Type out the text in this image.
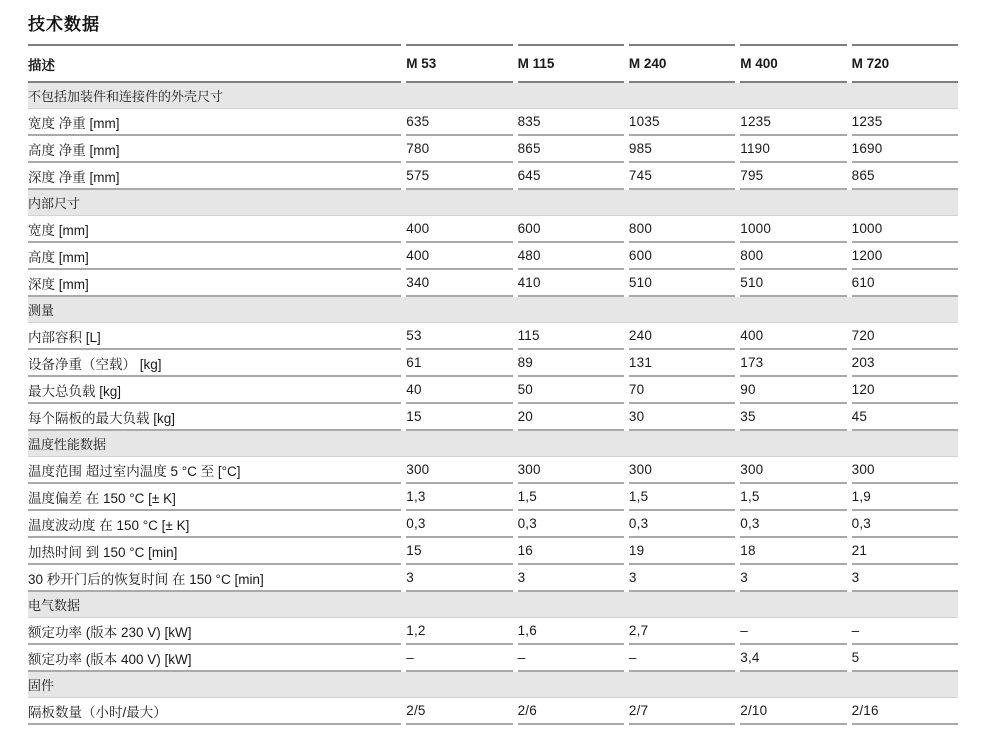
技术数据
描述	M 53	M 115	M 240	M 400	M 720
不包括加装件和连接件的外壳尺寸					
宽度 净重 [mm]	635	835	1035	1235	1235
高度 净重 [mm]	780	865	985	1190	1690
深度 净重 [mm]	575	645	745	795	865
内部尺寸					
宽度 [mm]	400	600	800	1000	1000
高度 [mm]	400	480	600	800	1200
深度 [mm]	340	410	510	510	610
测量					
内部容积 [L]	53	115	240	400	720
设备净重（空载） [kg]	61	89	131	173	203
最大总负载 [kg]	40	50	70	90	120
每个隔板的最大负载 [kg]	15	20	30	35	45
温度性能数据					
温度范围 超过室内温度 5 °C 至 [°C]	300	300	300	300	300
温度偏差 在 150 °C [± K]	1,3	1,5	1,5	1,5	1,9
温度波动度 在 150 °C [± K]	0,3	0,3	0,3	0,3	0,3
加热时间 到 150 °C [min]	15	16	19	18	21
30 秒开门后的恢复时间 在 150 °C [min]	3	3	3	3	3
电气数据					
额定功率 (版本 230 V) [kW]	1,2	1,6	2,7	–	–
额定功率 (版本 400 V) [kW]	–	–	–	3,4	5
固件					
隔板数量（小时/最大）	2/5	2/6	2/7	2/10	2/16
